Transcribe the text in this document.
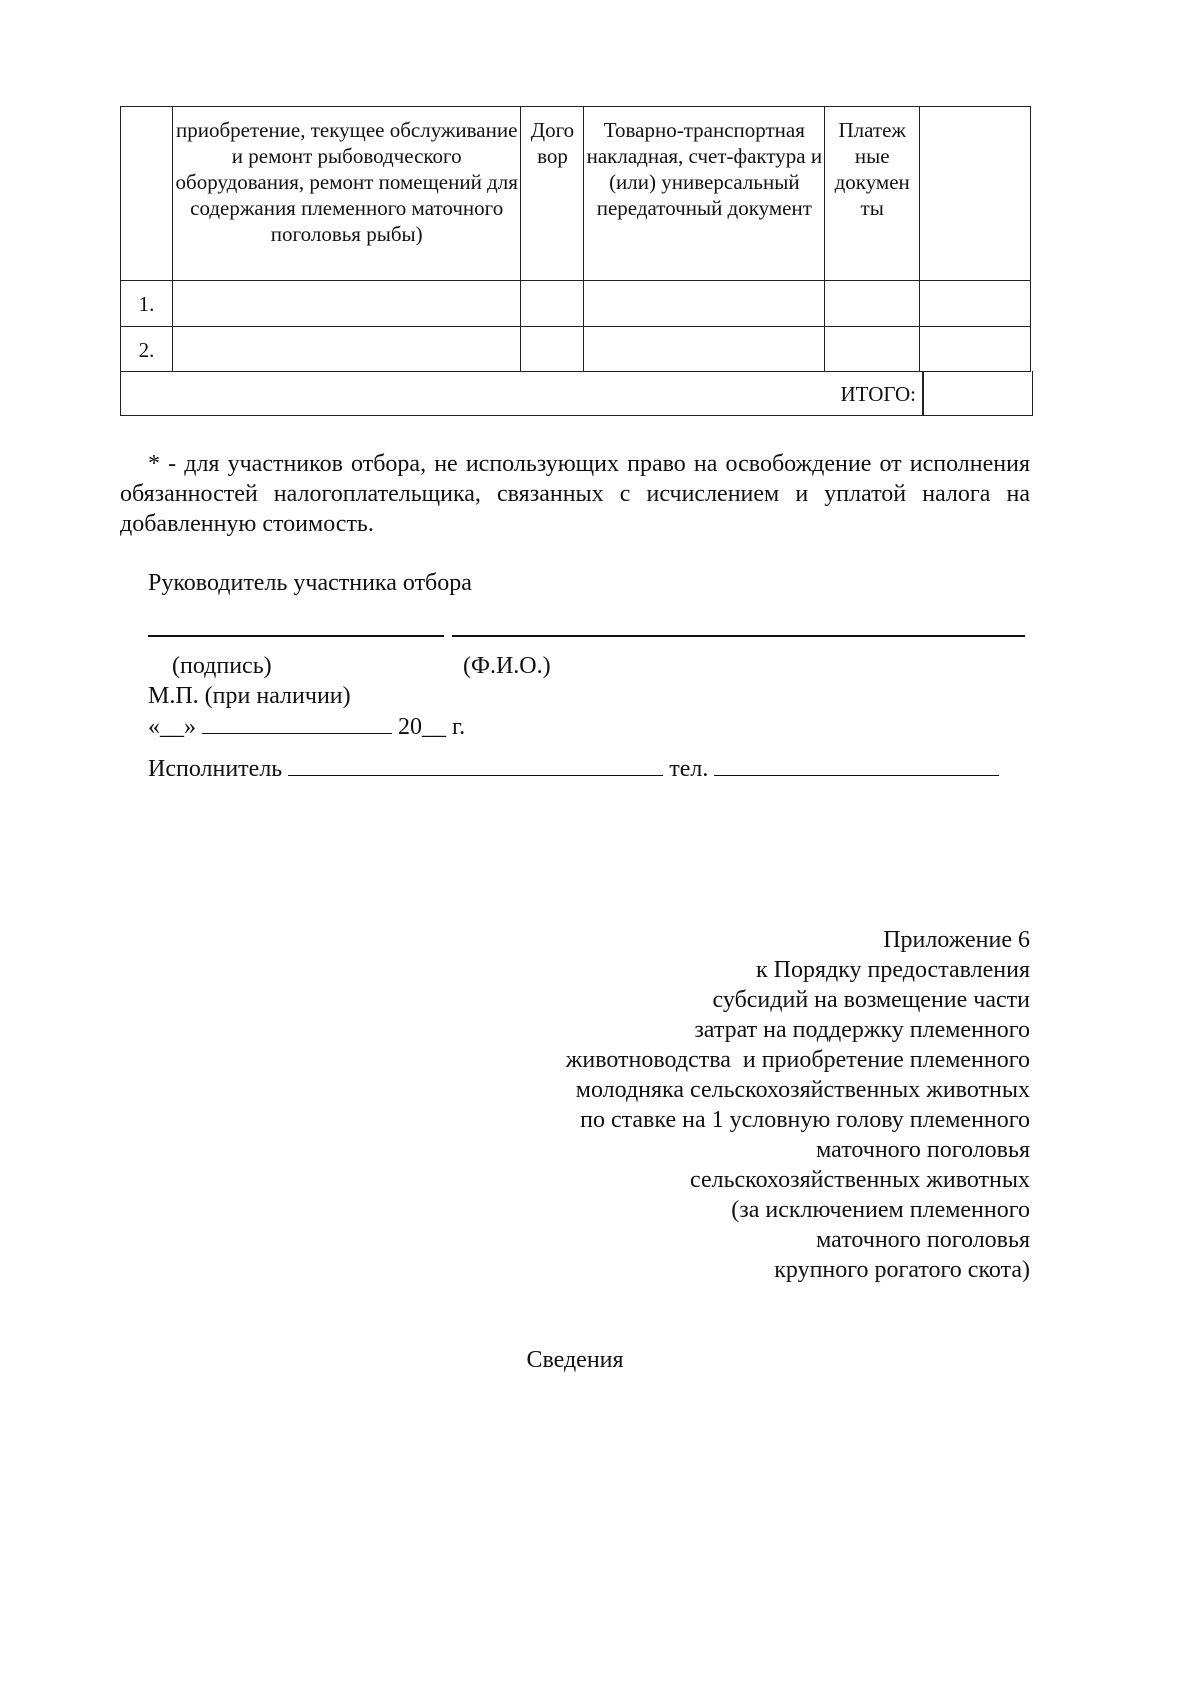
	приобретение, текущее обслуживание и ремонт рыбоводческого оборудования, ремонт помещений для содержания племенного маточного поголовья рыбы)	Дого вор	Товарно-транспортная накладная, счет-фактура и (или) универсальный передаточный документ	Платеж ные докумен ты	
1.					
2.					
ИТОГО:
* - для участников отбора, не использующих право на освобождение от исполнения обязанностей налогоплательщика, связанных с исчислением и уплатой налога на добавленную стоимость.
Руководитель участника отбора
(подпись)	(Ф.И.О.)
М.П. (при наличии)
«__»	20__ г.
Исполнитель	тел.
Приложение 6
к Порядку предоставления
субсидий на возмещение части
затрат на поддержку племенного
животноводства  и приобретение племенного
молодняка сельскохозяйственных животных
по ставке на 1 условную голову племенного
маточного поголовья
сельскохозяйственных животных
(за исключением племенного
маточного поголовья
крупного рогатого скота)
Сведения
